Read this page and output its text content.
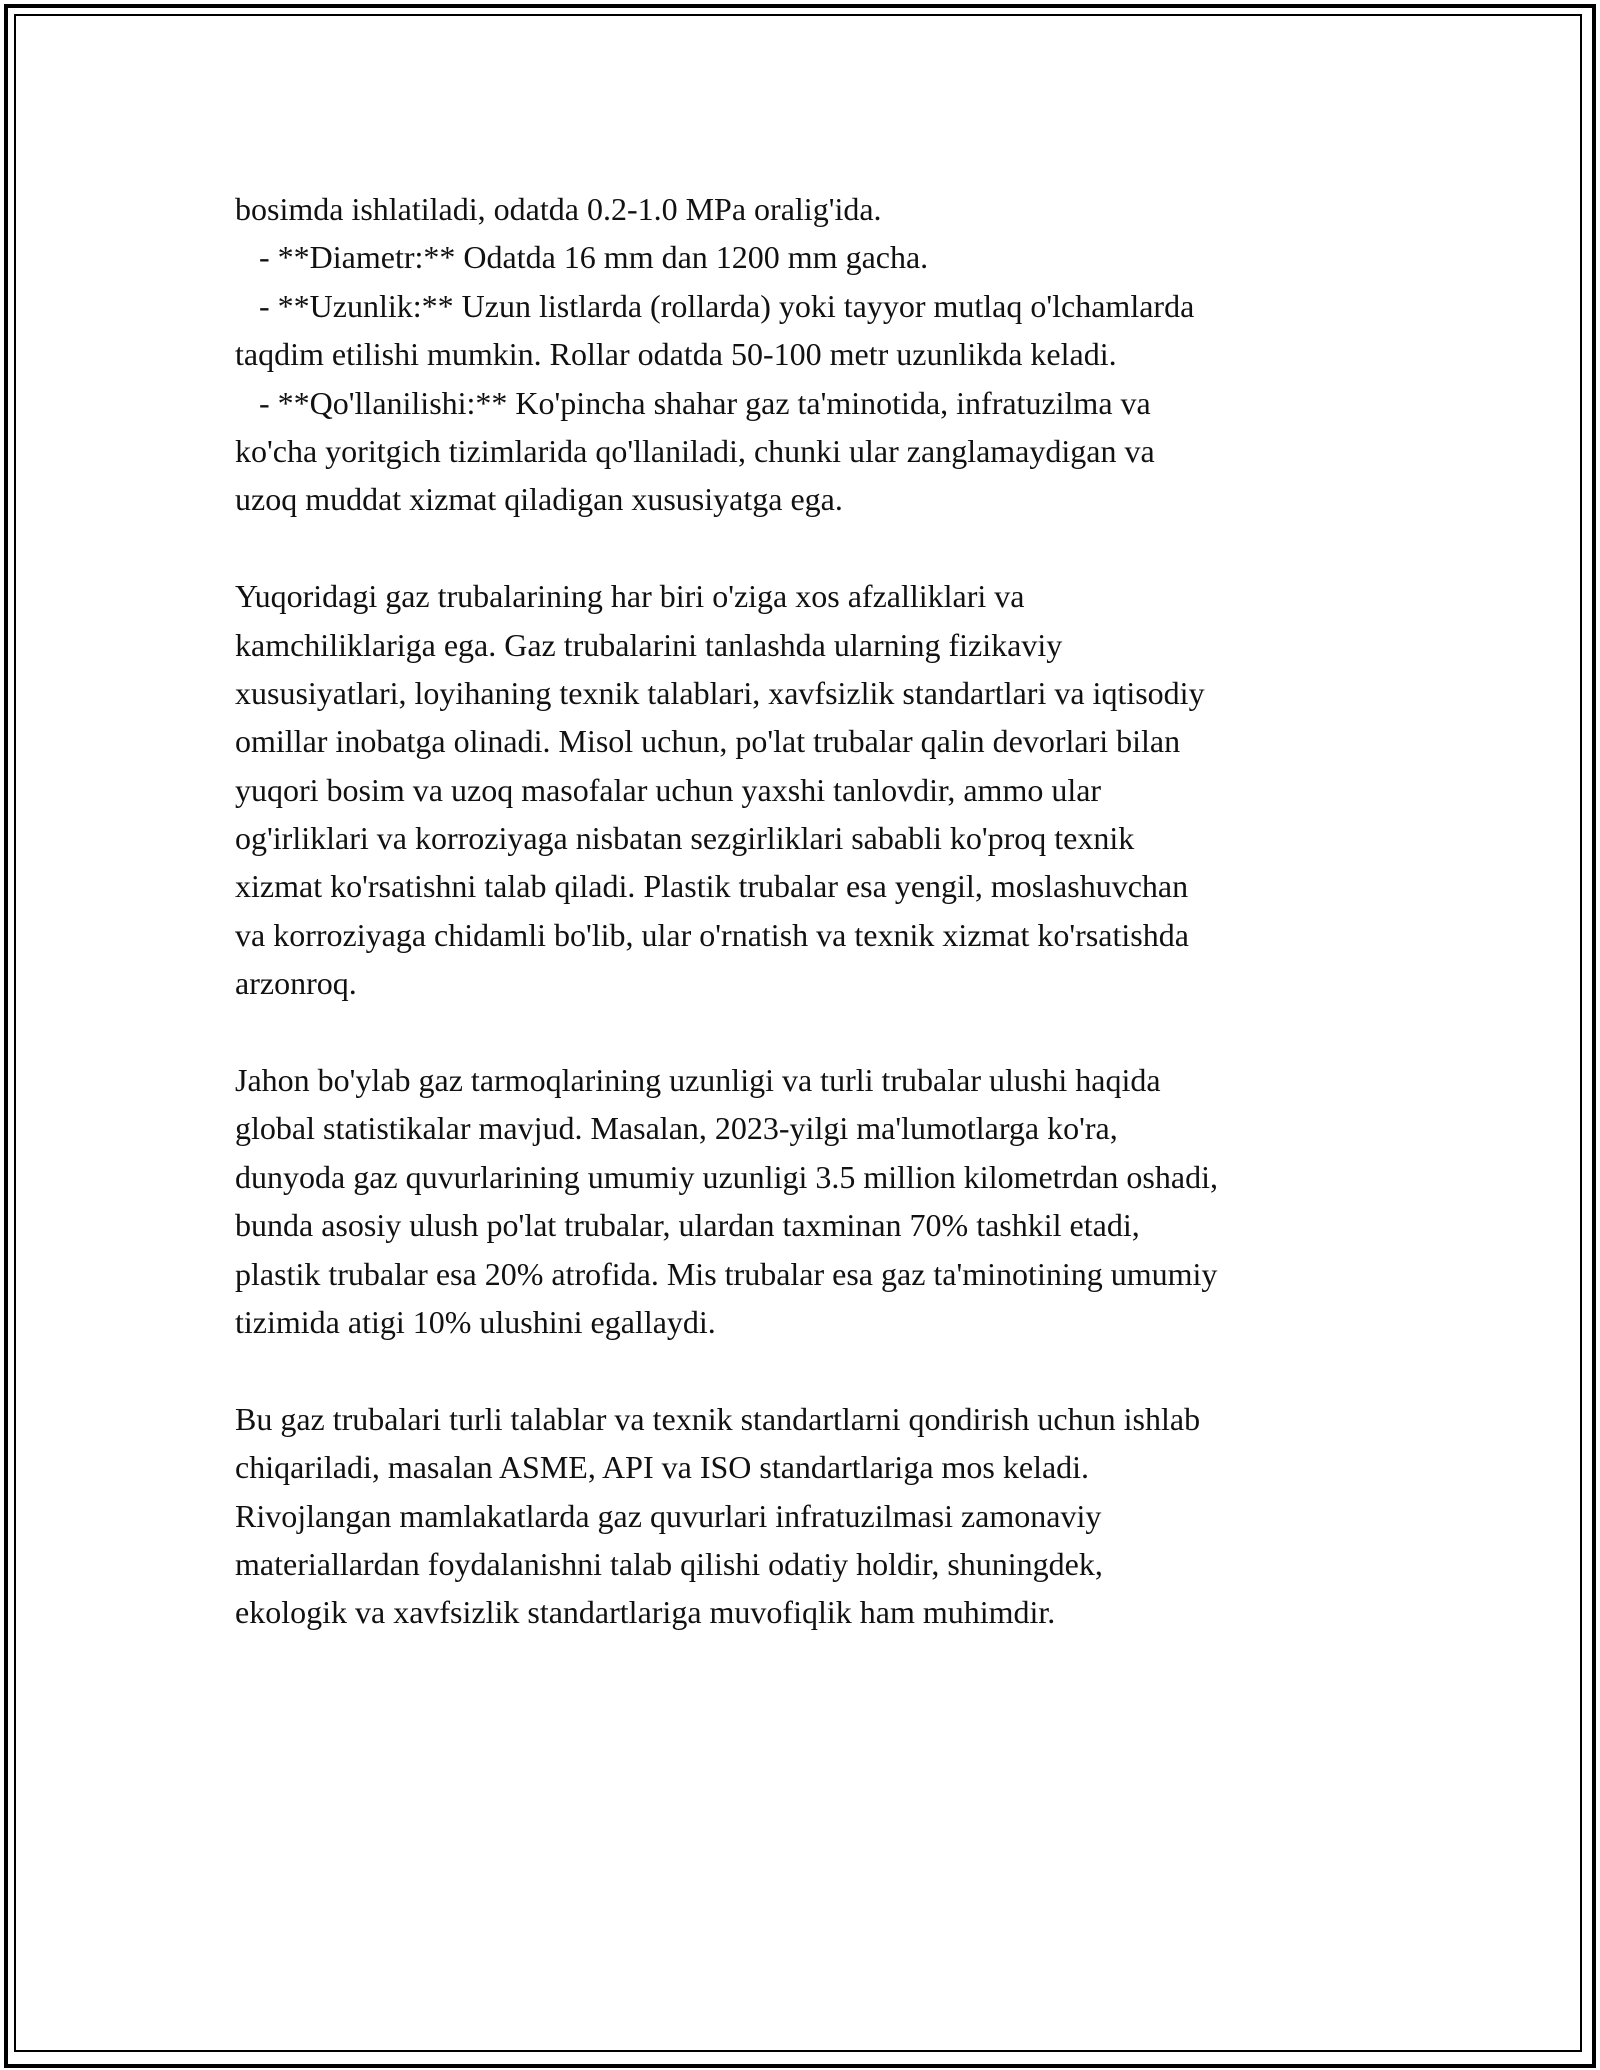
bosimda ishlatiladi, odatda 0.2-1.0 MPa oralig'ida.
- **Diametr:** Odatda 16 mm dan 1200 mm gacha.
- **Uzunlik:** Uzun listlarda (rollarda) yoki tayyor mutlaq o'lchamlarda
taqdim etilishi mumkin. Rollar odatda 50-100 metr uzunlikda keladi.
- **Qo'llanilishi:** Ko'pincha shahar gaz ta'minotida, infratuzilma va
ko'cha yoritgich tizimlarida qo'llaniladi, chunki ular zanglamaydigan va
uzoq muddat xizmat qiladigan xususiyatga ega.
Yuqoridagi gaz trubalarining har biri o'ziga xos afzalliklari va
kamchiliklariga ega. Gaz trubalarini tanlashda ularning fizikaviy
xususiyatlari, loyihaning texnik talablari, xavfsizlik standartlari va iqtisodiy
omillar inobatga olinadi. Misol uchun, po'lat trubalar qalin devorlari bilan
yuqori bosim va uzoq masofalar uchun yaxshi tanlovdir, ammo ular
og'irliklari va korroziyaga nisbatan sezgirliklari sababli ko'proq texnik
xizmat ko'rsatishni talab qiladi. Plastik trubalar esa yengil, moslashuvchan
va korroziyaga chidamli bo'lib, ular o'rnatish va texnik xizmat ko'rsatishda
arzonroq.
Jahon bo'ylab gaz tarmoqlarining uzunligi va turli trubalar ulushi haqida
global statistikalar mavjud. Masalan, 2023-yilgi ma'lumotlarga ko'ra,
dunyoda gaz quvurlarining umumiy uzunligi 3.5 million kilometrdan oshadi,
bunda asosiy ulush po'lat trubalar, ulardan taxminan 70% tashkil etadi,
plastik trubalar esa 20% atrofida. Mis trubalar esa gaz ta'minotining umumiy
tizimida atigi 10% ulushini egallaydi.
Bu gaz trubalari turli talablar va texnik standartlarni qondirish uchun ishlab
chiqariladi, masalan ASME, API va ISO standartlariga mos keladi.
Rivojlangan mamlakatlarda gaz quvurlari infratuzilmasi zamonaviy
materiallardan foydalanishni talab qilishi odatiy holdir, shuningdek,
ekologik va xavfsizlik standartlariga muvofiqlik ham muhimdir.
